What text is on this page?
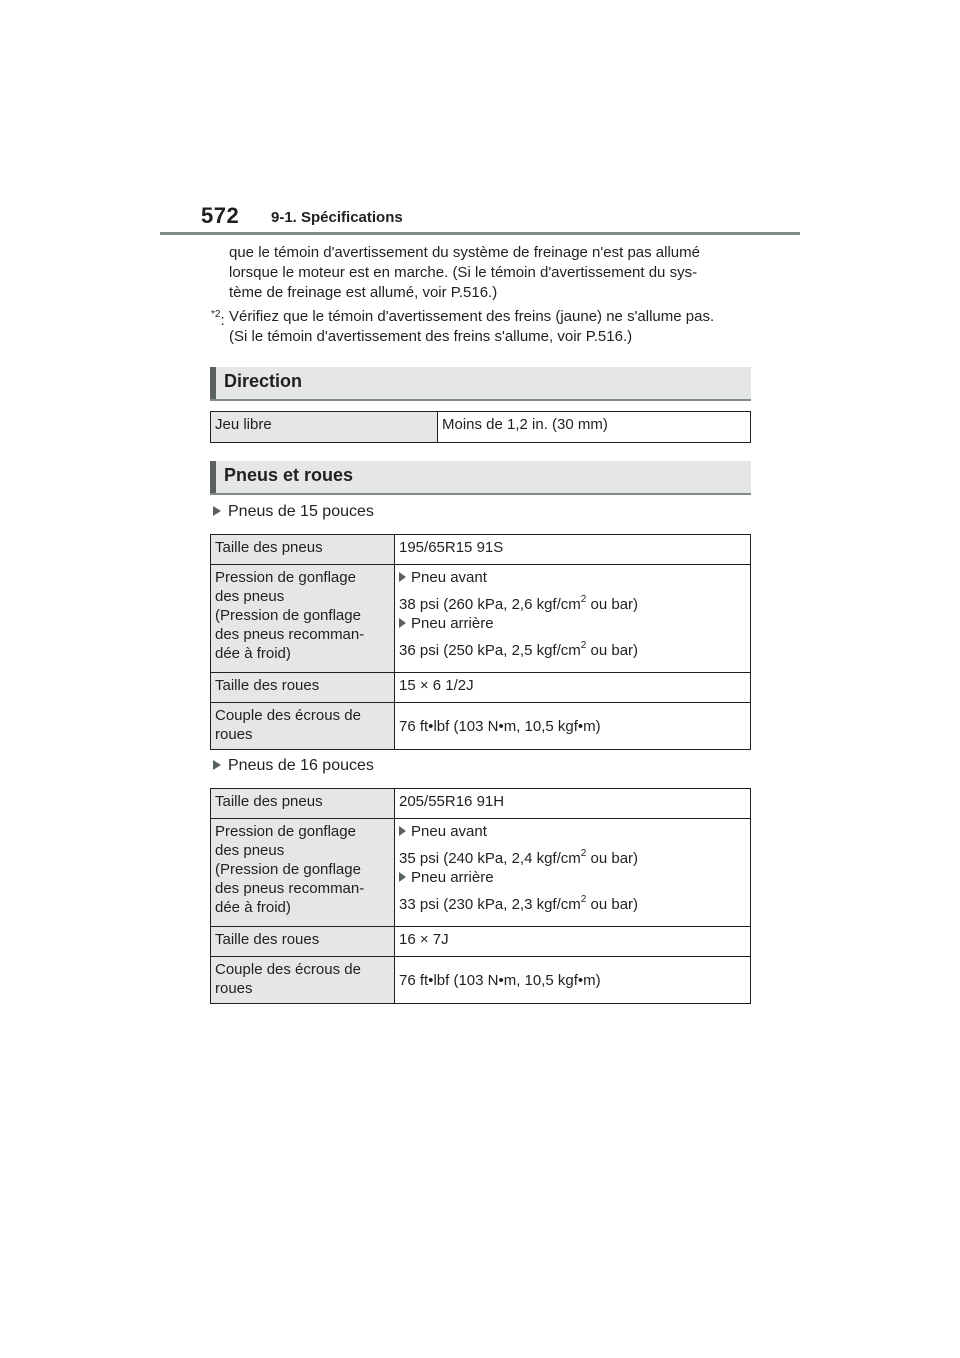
572 9-1. Spécifications
que le témoin d'avertissement du système de freinage n'est pas allumé
lorsque le moteur est en marche. (Si le témoin d'avertissement du sys-
tème de freinage est allumé, voir P.516.)
$^{*2}$: Vérifiez que le témoin d'avertissement des freins (jaune) ne s'allume pas.
(Si le témoin d'avertissement des freins s'allume, voir P.516.)
Direction
Jeu libre	Moins de 1,2 in. (30 mm)
Pneus et roues
Pneus de 15 pouces
Taille des pneus	195/65R15 91S

Pression de gonflage
des pneus
(Pression de gonflage
des pneus recomman-
dée à froid)	Pneu avant
38 psi (260 kPa, 2,6 kgf/$cm^2$ ou bar)
Pneu arrière
36 psi (250 kPa, 2,5 kgf/$cm^2$ ou bar)

Taille des roues	15 × 6 1/2J

Couple des écrous de
roues	76 ft•lbf (103 N•m, 10,5 kgf•m)
Pneus de 16 pouces
Taille des pneus	205/55R16 91H

Pression de gonflage
des pneus
(Pression de gonflage
des pneus recomman-
dée à froid)	Pneu avant
35 psi (240 kPa, 2,4 kgf/$cm^2$ ou bar)
Pneu arrière
33 psi (230 kPa, 2,3 kgf/$cm^2$ ou bar)

Taille des roues	16 × 7J

Couple des écrous de
roues	76 ft•lbf (103 N•m, 10,5 kgf•m)
